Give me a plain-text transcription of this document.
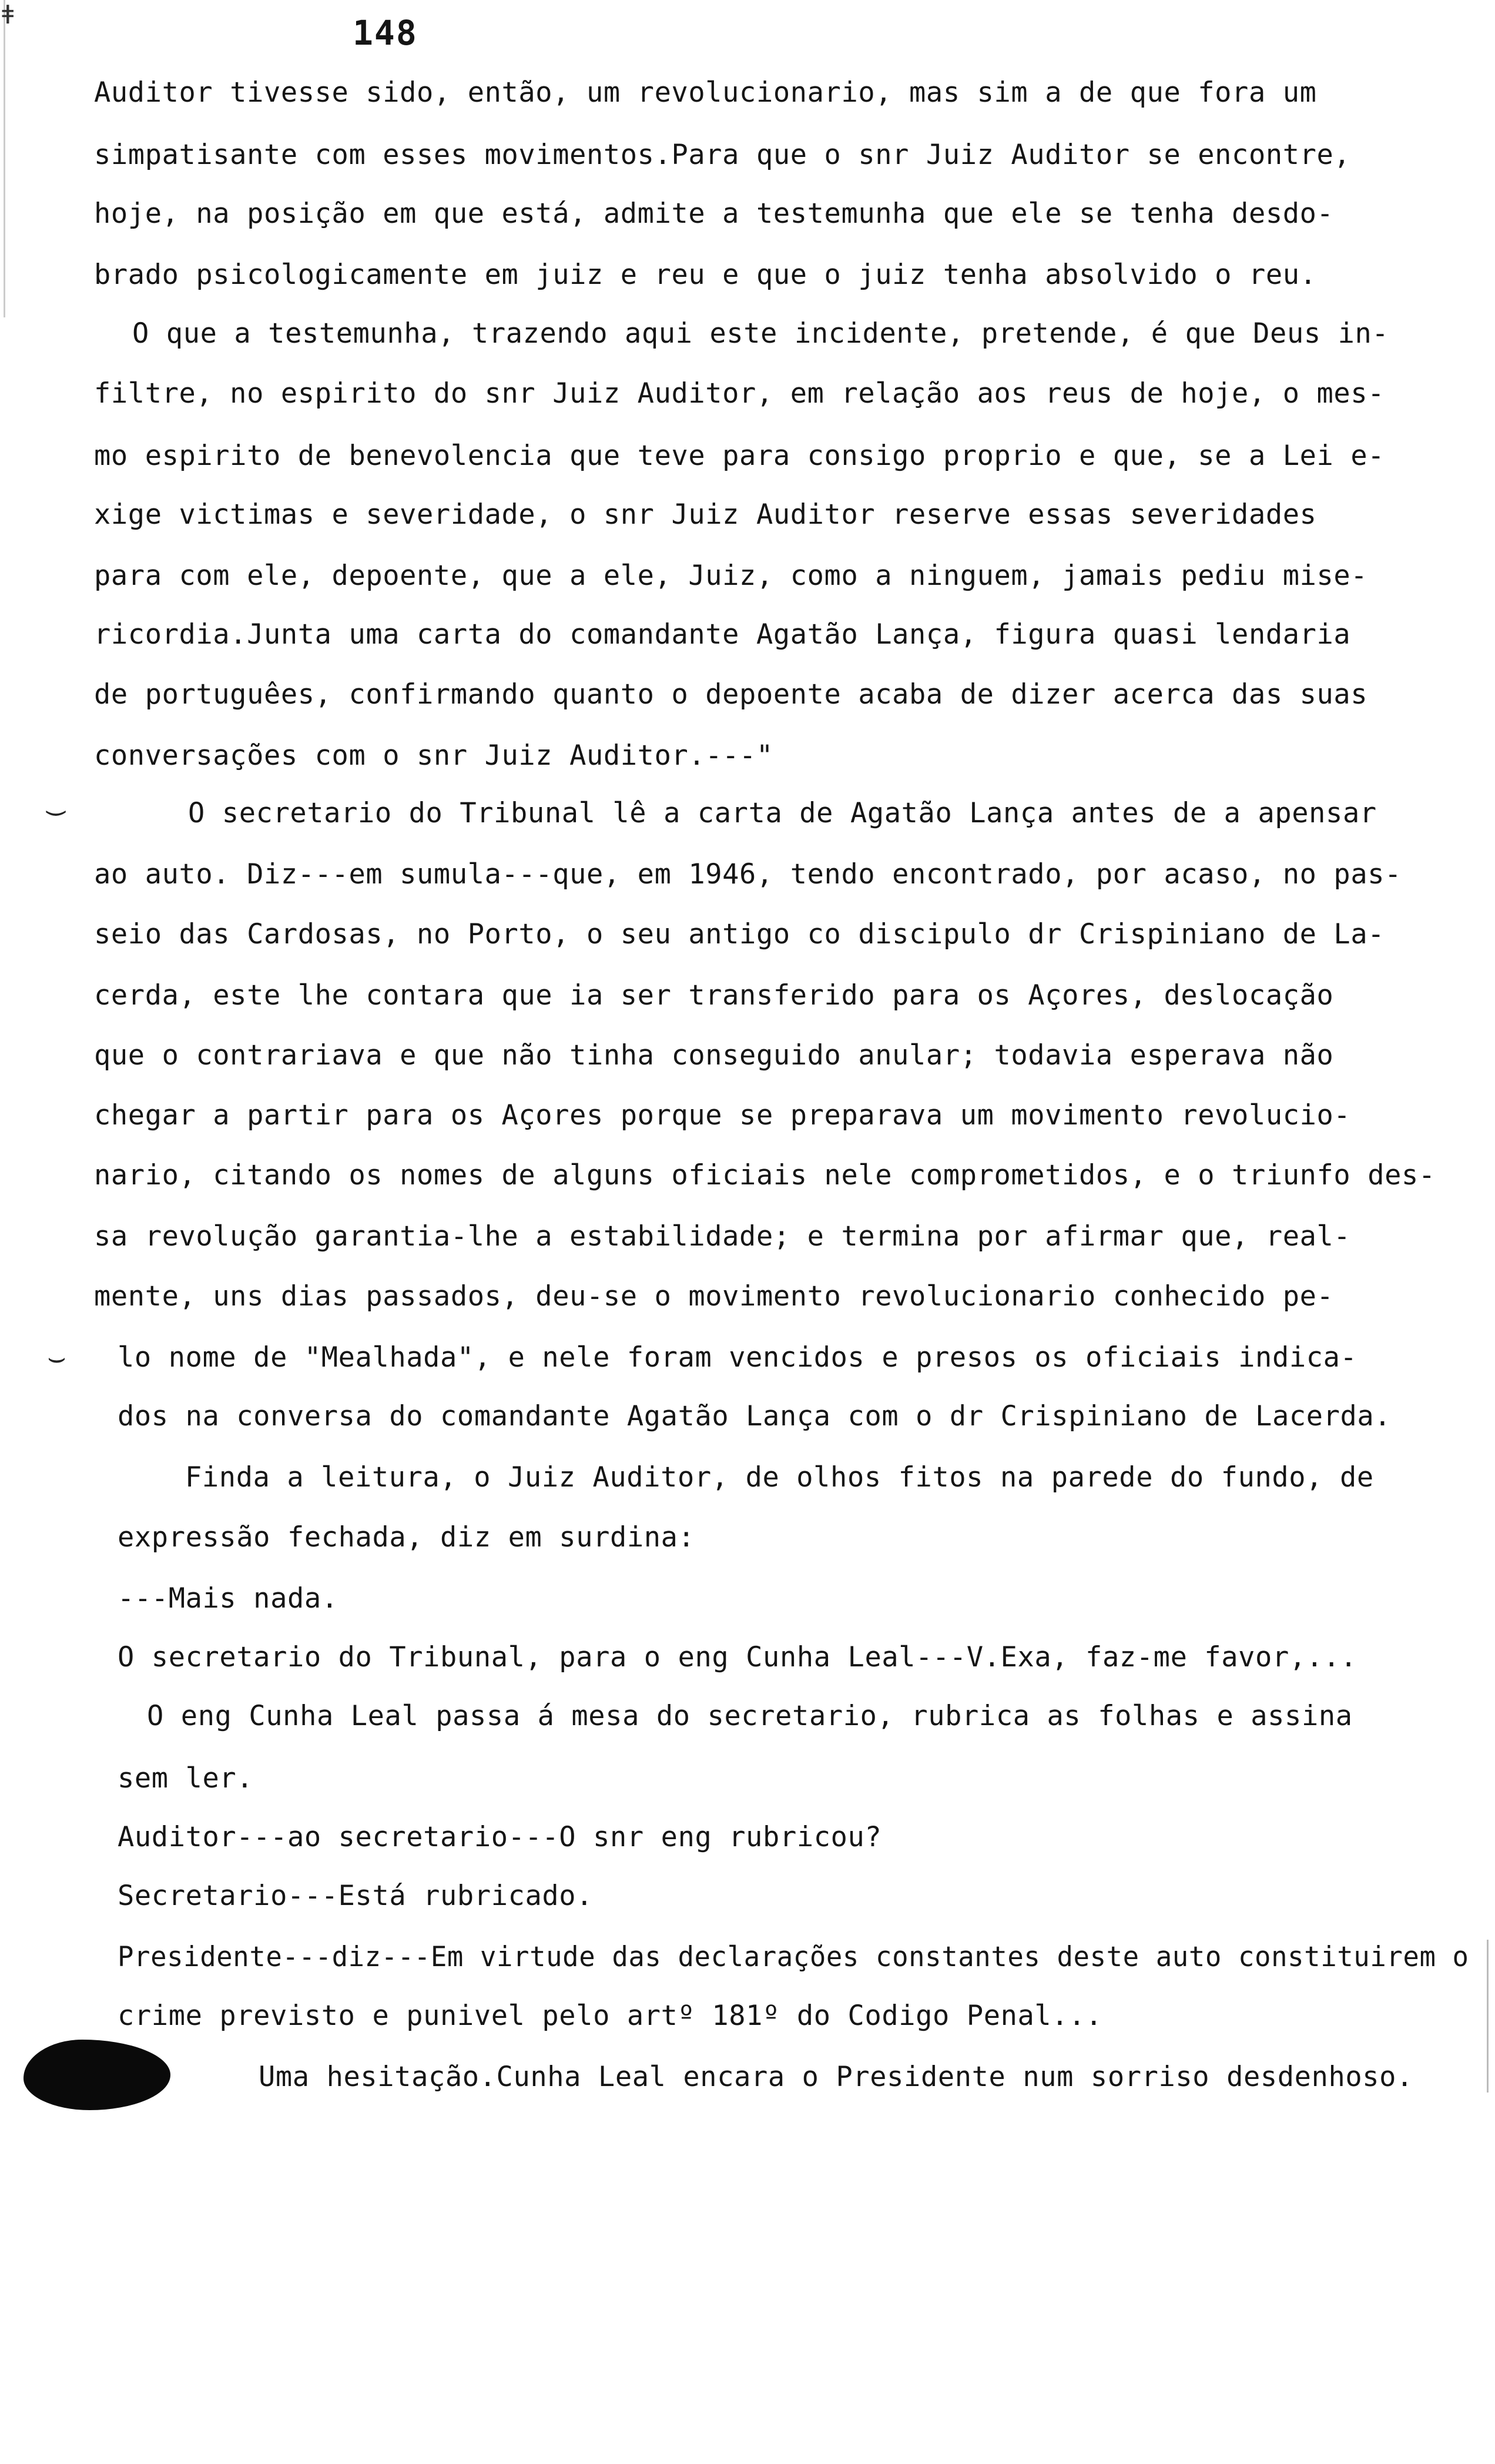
ǂ	148
Auditor tivesse sido, então, um revolucionario, mas sim a de que fora um
simpatisante com esses movimentos.Para que o snr Juiz Auditor se encontre,
hoje, na posição em que está, admite a testemunha que ele se tenha desdo-
brado psicologicamente em juiz e reu e que o juiz tenha absolvido o reu.
O que a testemunha, trazendo aqui este incidente, pretende, é que Deus in-
filtre, no espirito do snr Juiz Auditor, em relação aos reus de hoje, o mes-
mo espirito de benevolencia que teve para consigo proprio e que, se a Lei e-
xige victimas e severidade, o snr Juiz Auditor reserve essas severidades
para com ele, depoente, que a ele, Juiz, como a ninguem, jamais pediu mise-
ricordia.Junta uma carta do comandante Agatão Lança, figura quasi lendaria
de portuguêes, confirmando quanto o depoente acaba de dizer acerca das suas
conversações com o snr Juiz Auditor.---"
‿	O secretario do Tribunal lê a carta de Agatão Lança antes de a apensar
ao auto. Diz---em sumula---que, em 1946, tendo encontrado, por acaso, no pas-
seio das Cardosas, no Porto, o seu antigo co discipulo dr Crispiniano de La-
cerda, este lhe contara que ia ser transferido para os Açores, deslocação
que o contrariava e que não tinha conseguido anular; todavia esperava não
chegar a partir para os Açores porque se preparava um movimento revolucio-
nario, citando os nomes de alguns oficiais nele comprometidos, e o triunfo des-
sa revolução garantia-lhe a estabilidade; e termina por afirmar que, real-
mente, uns dias passados, deu-se o movimento revolucionario conhecido pe-
⌣ lo nome de "Mealhada", e nele foram vencidos e presos os oficiais indica-
dos na conversa do comandante Agatão Lança com o dr Crispiniano de Lacerda.
Finda a leitura, o Juiz Auditor, de olhos fitos na parede do fundo, de
expressão fechada, diz em surdina:
---Mais nada.
O secretario do Tribunal, para o eng Cunha Leal---V.Exa, faz-me favor,...
O eng Cunha Leal passa á mesa do secretario, rubrica as folhas e assina
sem ler.
Auditor---ao secretario---O snr eng rubricou?
Secretario---Está rubricado.
Presidente---diz---Em virtude das declarações constantes deste auto constituirem o
crime previsto e punivel pelo artº 181º do Codigo Penal...
Uma hesitação.Cunha Leal encara o Presidente num sorriso desdenhoso.
